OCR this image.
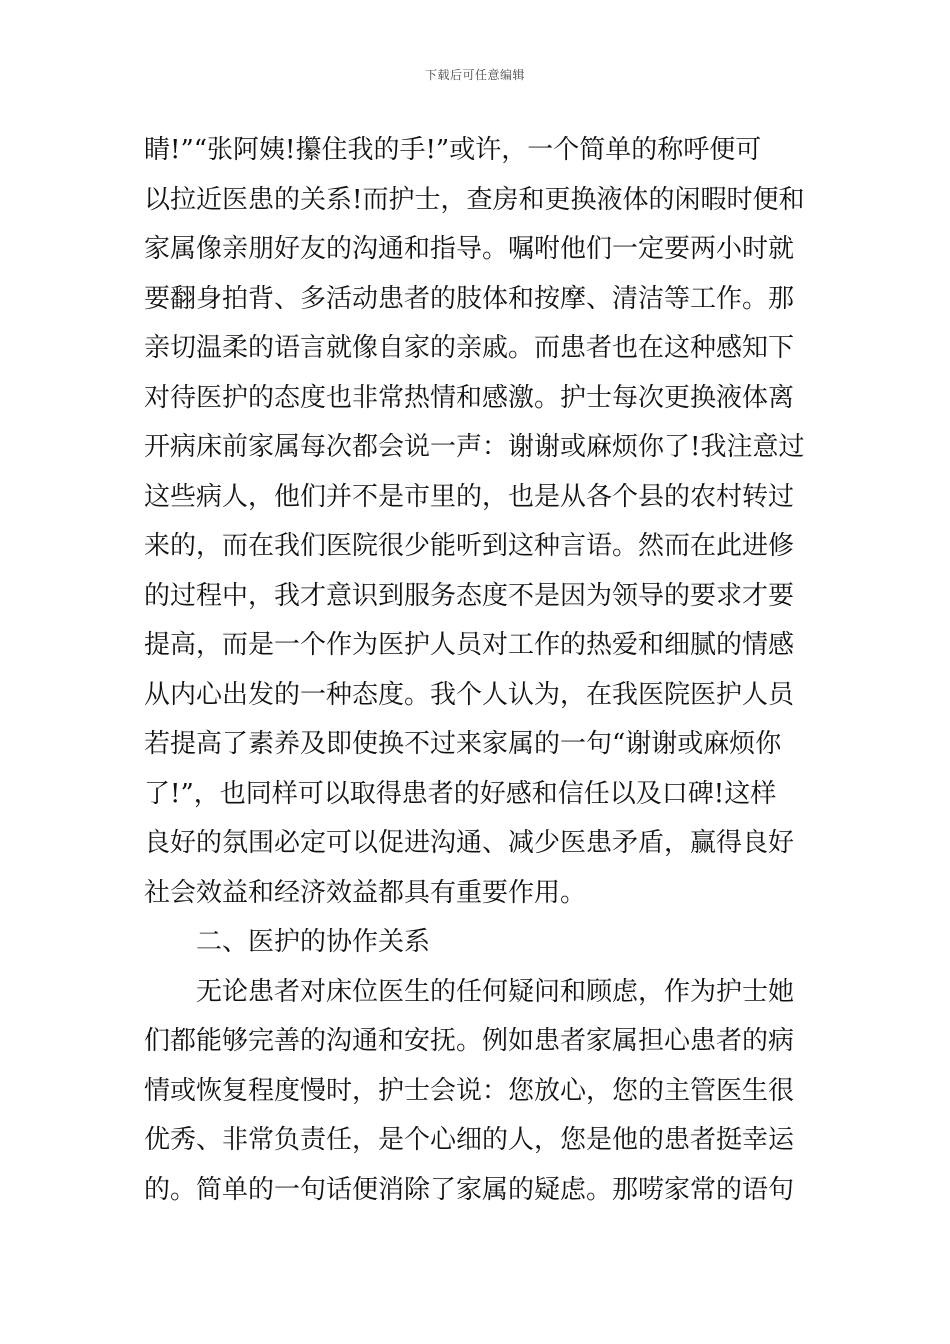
下载后可任意编辑
睛!”“张阿姨!攥住我的手!”或许，一个简单的称呼便可
以拉近医患的关系!而护士，查房和更换液体的闲暇时便和
家属像亲朋好友的沟通和指导。嘱咐他们一定要两小时就
要翻身拍背、多活动患者的肢体和按摩、清洁等工作。那
亲切温柔的语言就像自家的亲戚。而患者也在这种感知下
对待医护的态度也非常热情和感激。护士每次更换液体离
开病床前家属每次都会说一声：谢谢或麻烦你了!我注意过
这些病人，他们并不是市里的，也是从各个县的农村转过
来的，而在我们医院很少能听到这种言语。然而在此进修
的过程中，我才意识到服务态度不是因为领导的要求才要
提高，而是一个作为医护人员对工作的热爱和细腻的情感
从内心出发的一种态度。我个人认为，在我医院医护人员
若提高了素养及即使换不过来家属的一句“谢谢或麻烦你
了!”，也同样可以取得患者的好感和信任以及口碑!这样
良好的氛围必定可以促进沟通、减少医患矛盾，赢得良好
社会效益和经济效益都具有重要作用。
二、医护的协作关系
无论患者对床位医生的任何疑问和顾虑，作为护士她
们都能够完善的沟通和安抚。例如患者家属担心患者的病
情或恢复程度慢时，护士会说：您放心，您的主管医生很
优秀、非常负责任，是个心细的人，您是他的患者挺幸运
的。简单的一句话便消除了家属的疑虑。那唠家常的语句
